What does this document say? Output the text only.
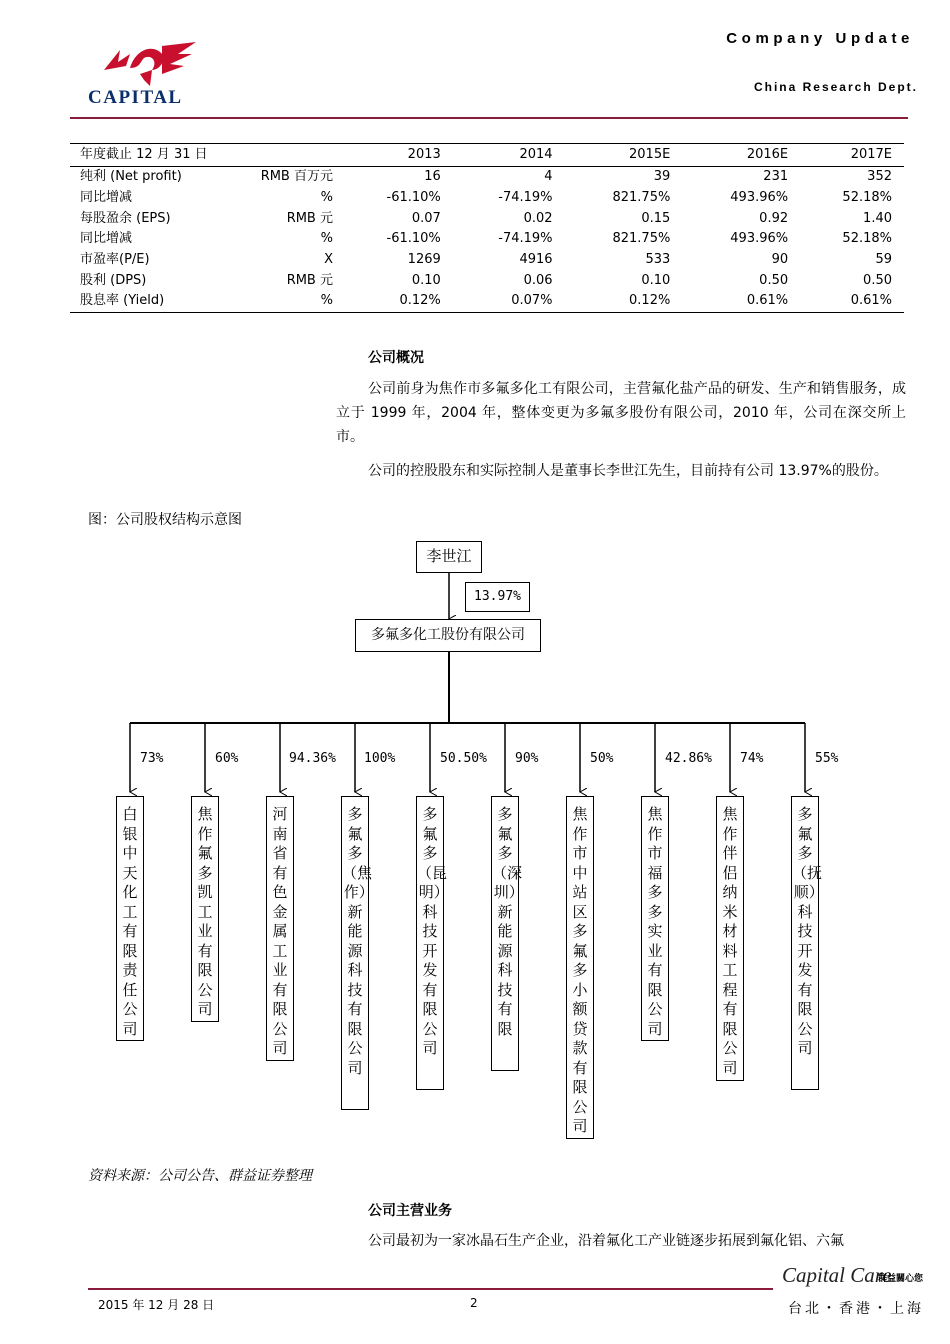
CAPITAL
Company Update
China Research Dept.
年度截止 12 月 31 日		2013	2014	2015E	2016E	2017E
纯利 (Net profit)	RMB 百万元	16	4	39	231	352
同比增减	%	-61.10%	-74.19%	821.75%	493.96%	52.18%
每股盈余 (EPS)	RMB 元	0.07	0.02	0.15	0.92	1.40
同比增减	%	-61.10%	-74.19%	821.75%	493.96%	52.18%
市盈率(P/E)	X	1269	4916	533	90	59
股利 (DPS)	RMB 元	0.10	0.06	0.10	0.50	0.50
股息率 (Yield)	%	0.12%	0.07%	0.12%	0.61%	0.61%
公司概况
公司前身为焦作市多氟多化工有限公司，主营氟化盐产品的研发、生产和销售服务，成立于 1999 年，2004 年，整体变更为多氟多股份有限公司，2010 年，公司在深交所上市。
公司的控股股东和实际控制人是董事长李世江先生，目前持有公司 13.97%的股份。
图：公司股权结构示意图
李世江
13.97%
多氟多化工股份有限公司
73%	60%	94.36% 100%	50.50% 90%	50%	42.86% 74%	55%
白银中天化工有限责任公司
焦作氟多凯工业有限公司
河南省有色金属工业有限公司
多氟多（焦作）新能源科技有限公司
多氟多（昆明）科技开发有限公司
多氟多（深圳）新能源科技有限
焦作市中站区多氟多小额贷款有限公司
焦作市福多多实业有限公司
焦作伴侣纳米材料工程有限公司
多氟多（抚顺）科技开发有限公司
资料来源：公司公告、群益证券整理
公司主营业务
公司最初为一家冰晶石生产企业，沿着氟化工产业链逐步拓展到氟化铝、六氟
2015 年 12 月 28 日	2
Capital Care
群益關心您
台北・香港・上海
